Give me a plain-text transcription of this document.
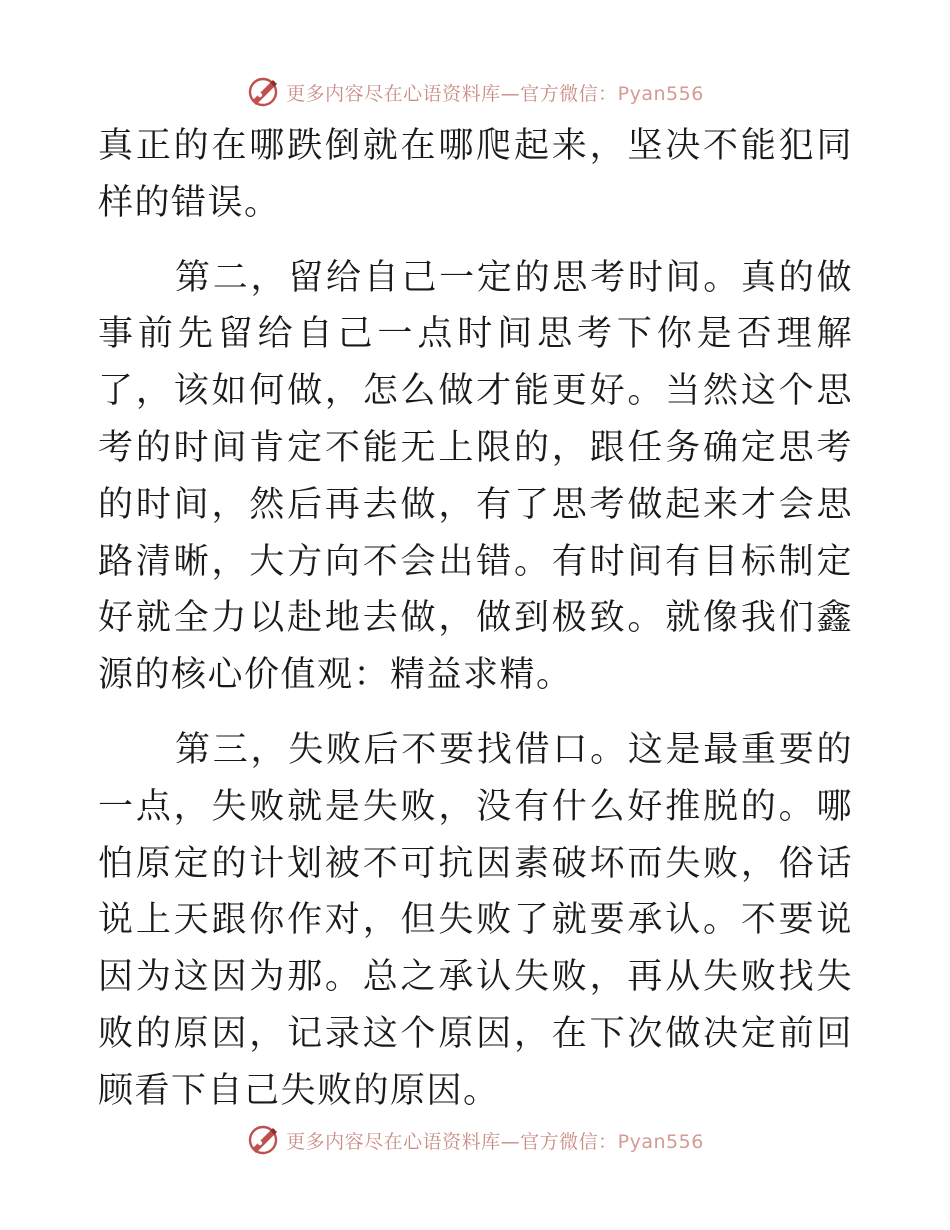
更多内容尽在心语资料库—官方微信：Pyan556

真正的在哪跌倒就在哪爬起来，坚决不能犯同样的错误。

第二，留给自己一定的思考时间。真的做事前先留给自己一点时间思考下你是否理解了，该如何做，怎么做才能更好。当然这个思考的时间肯定不能无上限的，跟任务确定思考的时间，然后再去做，有了思考做起来才会思路清晰，大方向不会出错。有时间有目标制定好就全力以赴地去做，做到极致。就像我们鑫源的核心价值观：精益求精。

第三，失败后不要找借口。这是最重要的一点，失败就是失败，没有什么好推脱的。哪怕原定的计划被不可抗因素破坏而失败，俗话说上天跟你作对，但失败了就要承认。不要说因为这因为那。总之承认失败，再从失败找失败的原因，记录这个原因，在下次做决定前回顾看下自己失败的原因。

更多内容尽在心语资料库—官方微信：Pyan556
